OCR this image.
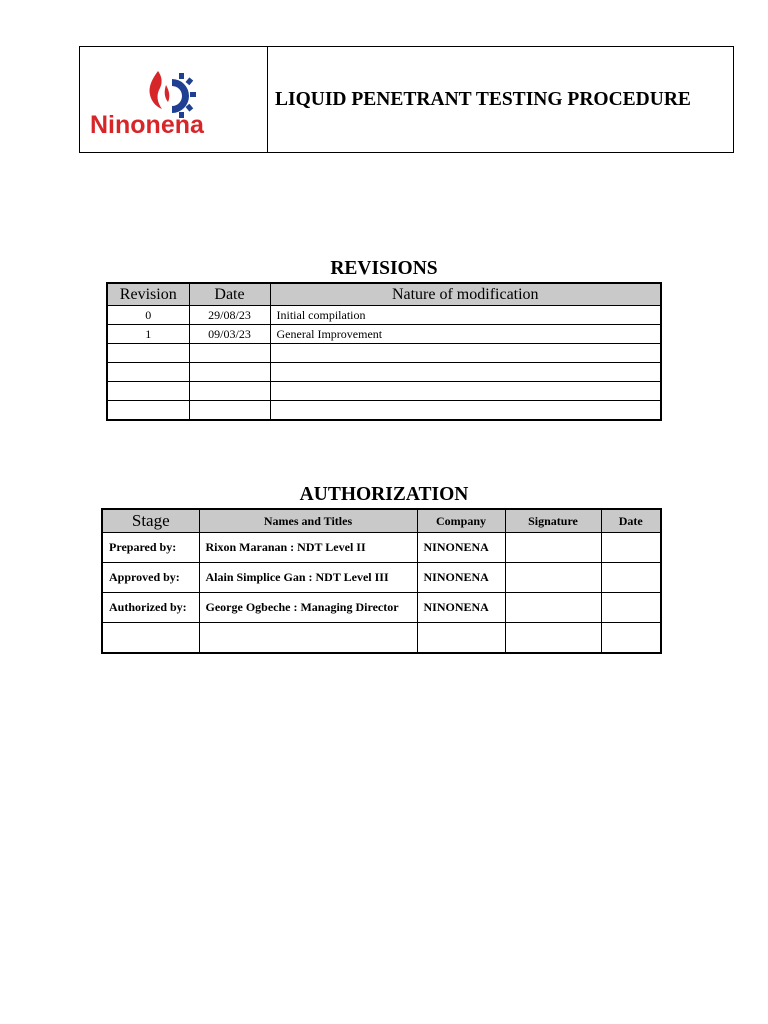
Ninonena
LIQUID PENETRANT TESTING PROCEDURE
REVISIONS
Revision	Date	Nature of modification
0	29/08/23	Initial compilation
1	09/03/23	General Improvement

AUTHORIZATION
Stage	Names and Titles	Company	Signature	Date
Prepared by:	Rixon Maranan : NDT Level II	NINONENA		
Approved by:	Alain Simplice Gan : NDT Level III	NINONENA		
Authorized by:	George Ogbeche : Managing Director	NINONENA		
